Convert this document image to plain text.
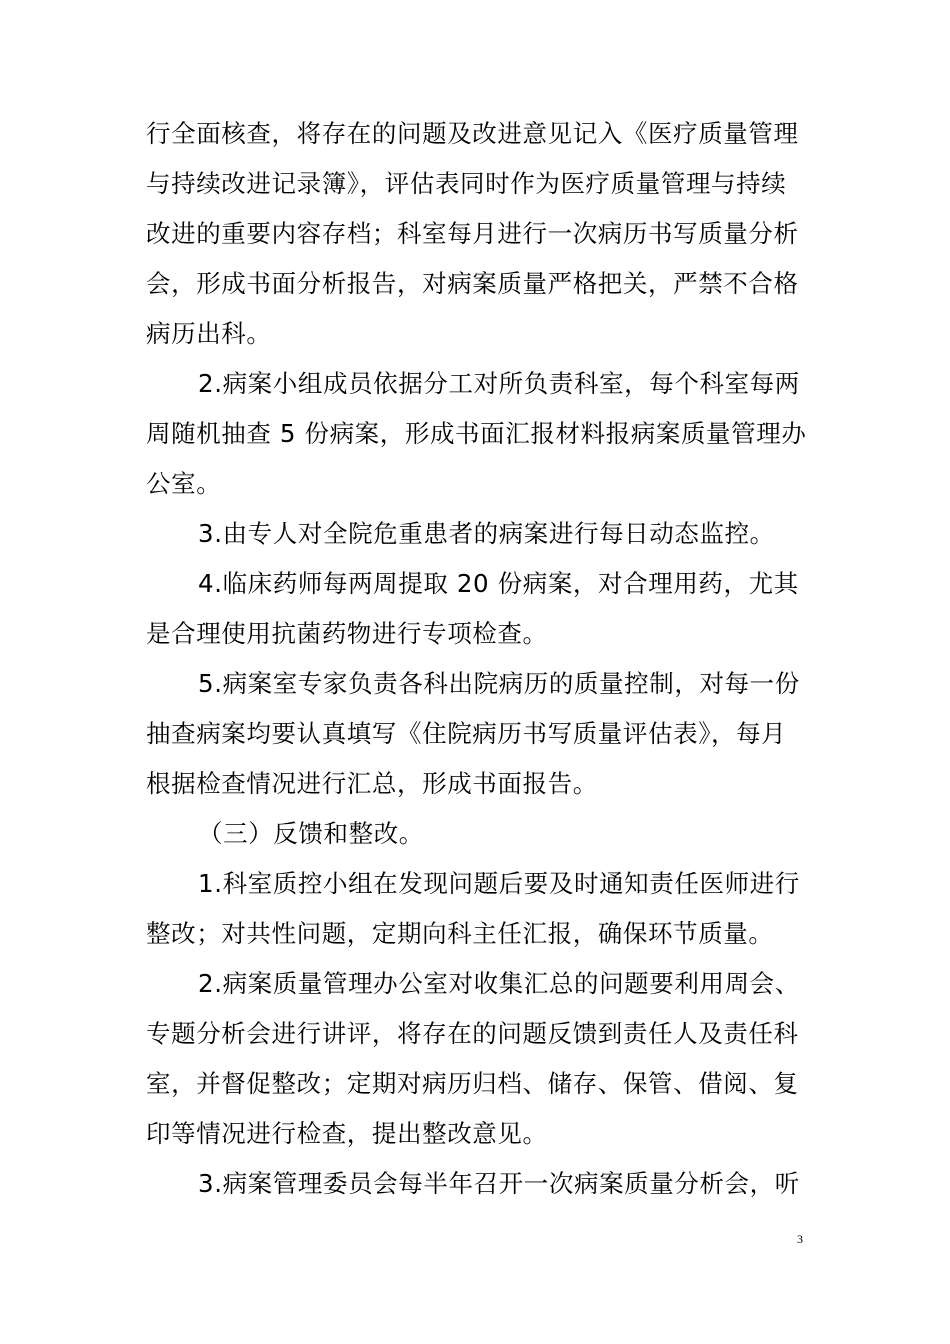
行全面核查，将存在的问题及改进意见记入《医疗质量管理
与持续改进记录簿》，评估表同时作为医疗质量管理与持续
改进的重要内容存档；科室每月进行一次病历书写质量分析
会，形成书面分析报告，对病案质量严格把关，严禁不合格
病历出科。
2.病案小组成员依据分工对所负责科室，每个科室每两
周随机抽查 5 份病案，形成书面汇报材料报病案质量管理办
公室。
3.由专人对全院危重患者的病案进行每日动态监控。
4.临床药师每两周提取 20 份病案，对合理用药，尤其
是合理使用抗菌药物进行专项检查。
5.病案室专家负责各科出院病历的质量控制，对每一份
抽查病案均要认真填写《住院病历书写质量评估表》，每月
根据检查情况进行汇总，形成书面报告。
（三）反馈和整改。
1.科室质控小组在发现问题后要及时通知责任医师进行
整改；对共性问题，定期向科主任汇报，确保环节质量。
2.病案质量管理办公室对收集汇总的问题要利用周会、
专题分析会进行讲评，将存在的问题反馈到责任人及责任科
室，并督促整改；定期对病历归档、储存、保管、借阅、复
印等情况进行检查，提出整改意见。
3.病案管理委员会每半年召开一次病案质量分析会，听
3
